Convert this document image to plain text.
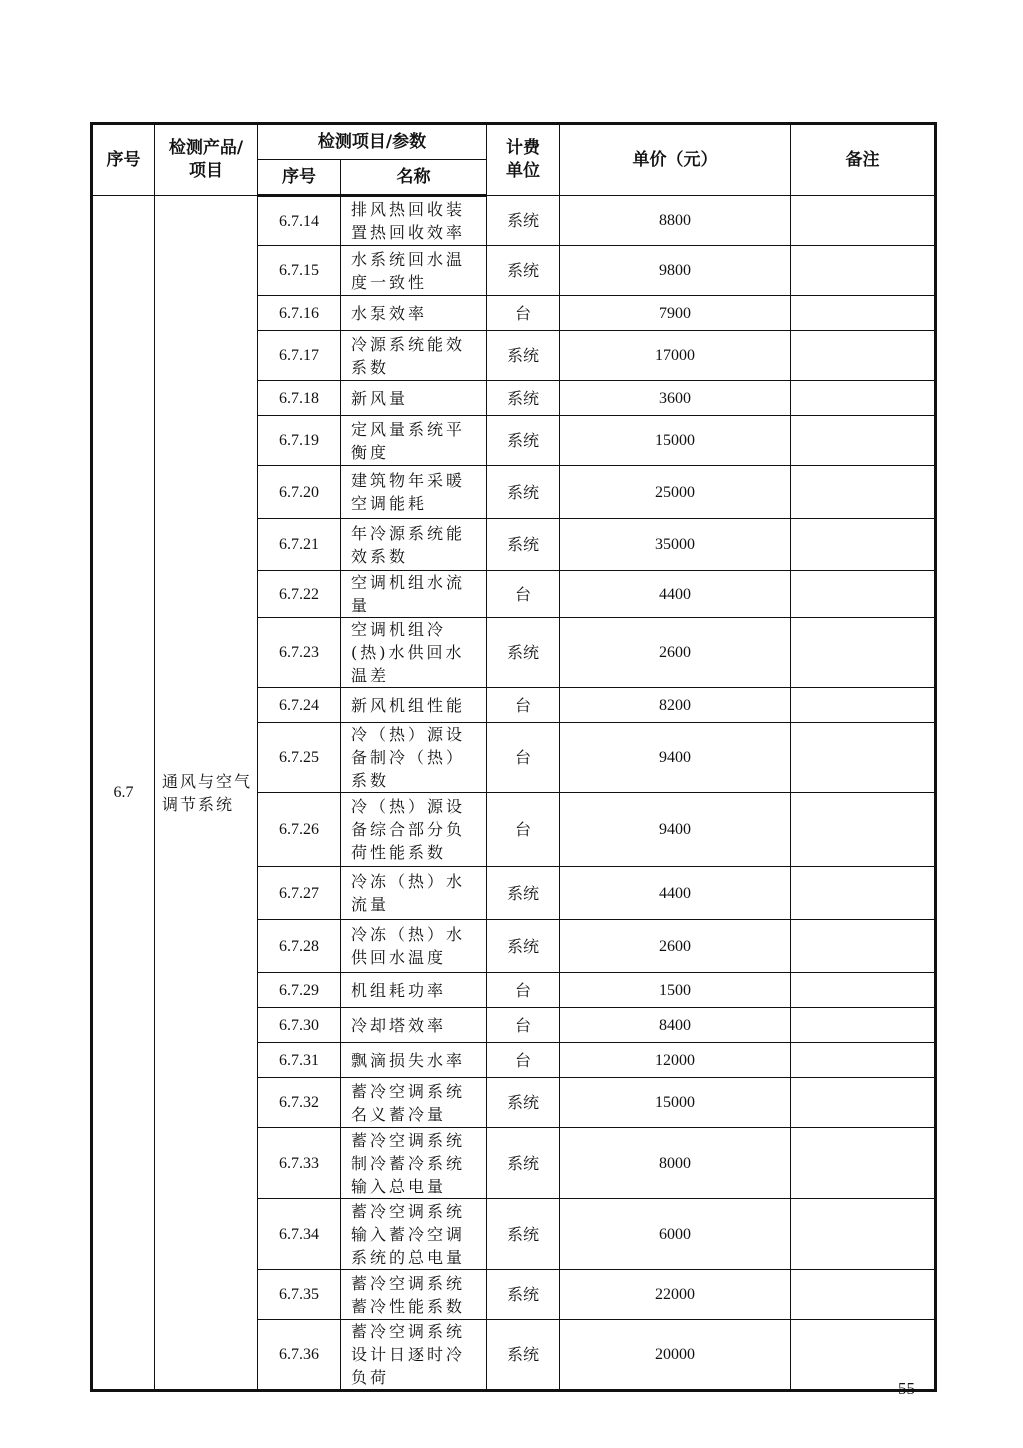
序号	检测产品/项目	检测项目/参数		计费单位	单价（元）	备注
		序号	名称			
6.7	通风与空气调节系统	6.7.14	排风热回收装置热回收效率	系统	8800	
		6.7.15	水系统回水温度一致性	系统	9800	
		6.7.16	水泵效率	台	7900	
		6.7.17	冷源系统能效系数	系统	17000	
		6.7.18	新风量	系统	3600	
		6.7.19	定风量系统平衡度	系统	15000	
		6.7.20	建筑物年采暖空调能耗	系统	25000	
		6.7.21	年冷源系统能效系数	系统	35000	
		6.7.22	空调机组水流量	台	4400	
		6.7.23	空调机组冷(热)水供回水温差	系统	2600	
		6.7.24	新风机组性能	台	8200	
		6.7.25	冷（热）源设备制冷（热）系数	台	9400	
		6.7.26	冷（热）源设备综合部分负荷性能系数	台	9400	
		6.7.27	冷冻（热）水流量	系统	4400	
		6.7.28	冷冻（热）水供回水温度	系统	2600	
		6.7.29	机组耗功率	台	1500	
		6.7.30	冷却塔效率	台	8400	
		6.7.31	飘滴损失水率	台	12000	
		6.7.32	蓄冷空调系统名义蓄冷量	系统	15000	
		6.7.33	蓄冷空调系统制冷蓄冷系统输入总电量	系统	8000	
		6.7.34	蓄冷空调系统输入蓄冷空调系统的总电量	系统	6000	
		6.7.35	蓄冷空调系统蓄冷性能系数	系统	22000	
		6.7.36	蓄冷空调系统设计日逐时冷负荷	系统	20000	
55
